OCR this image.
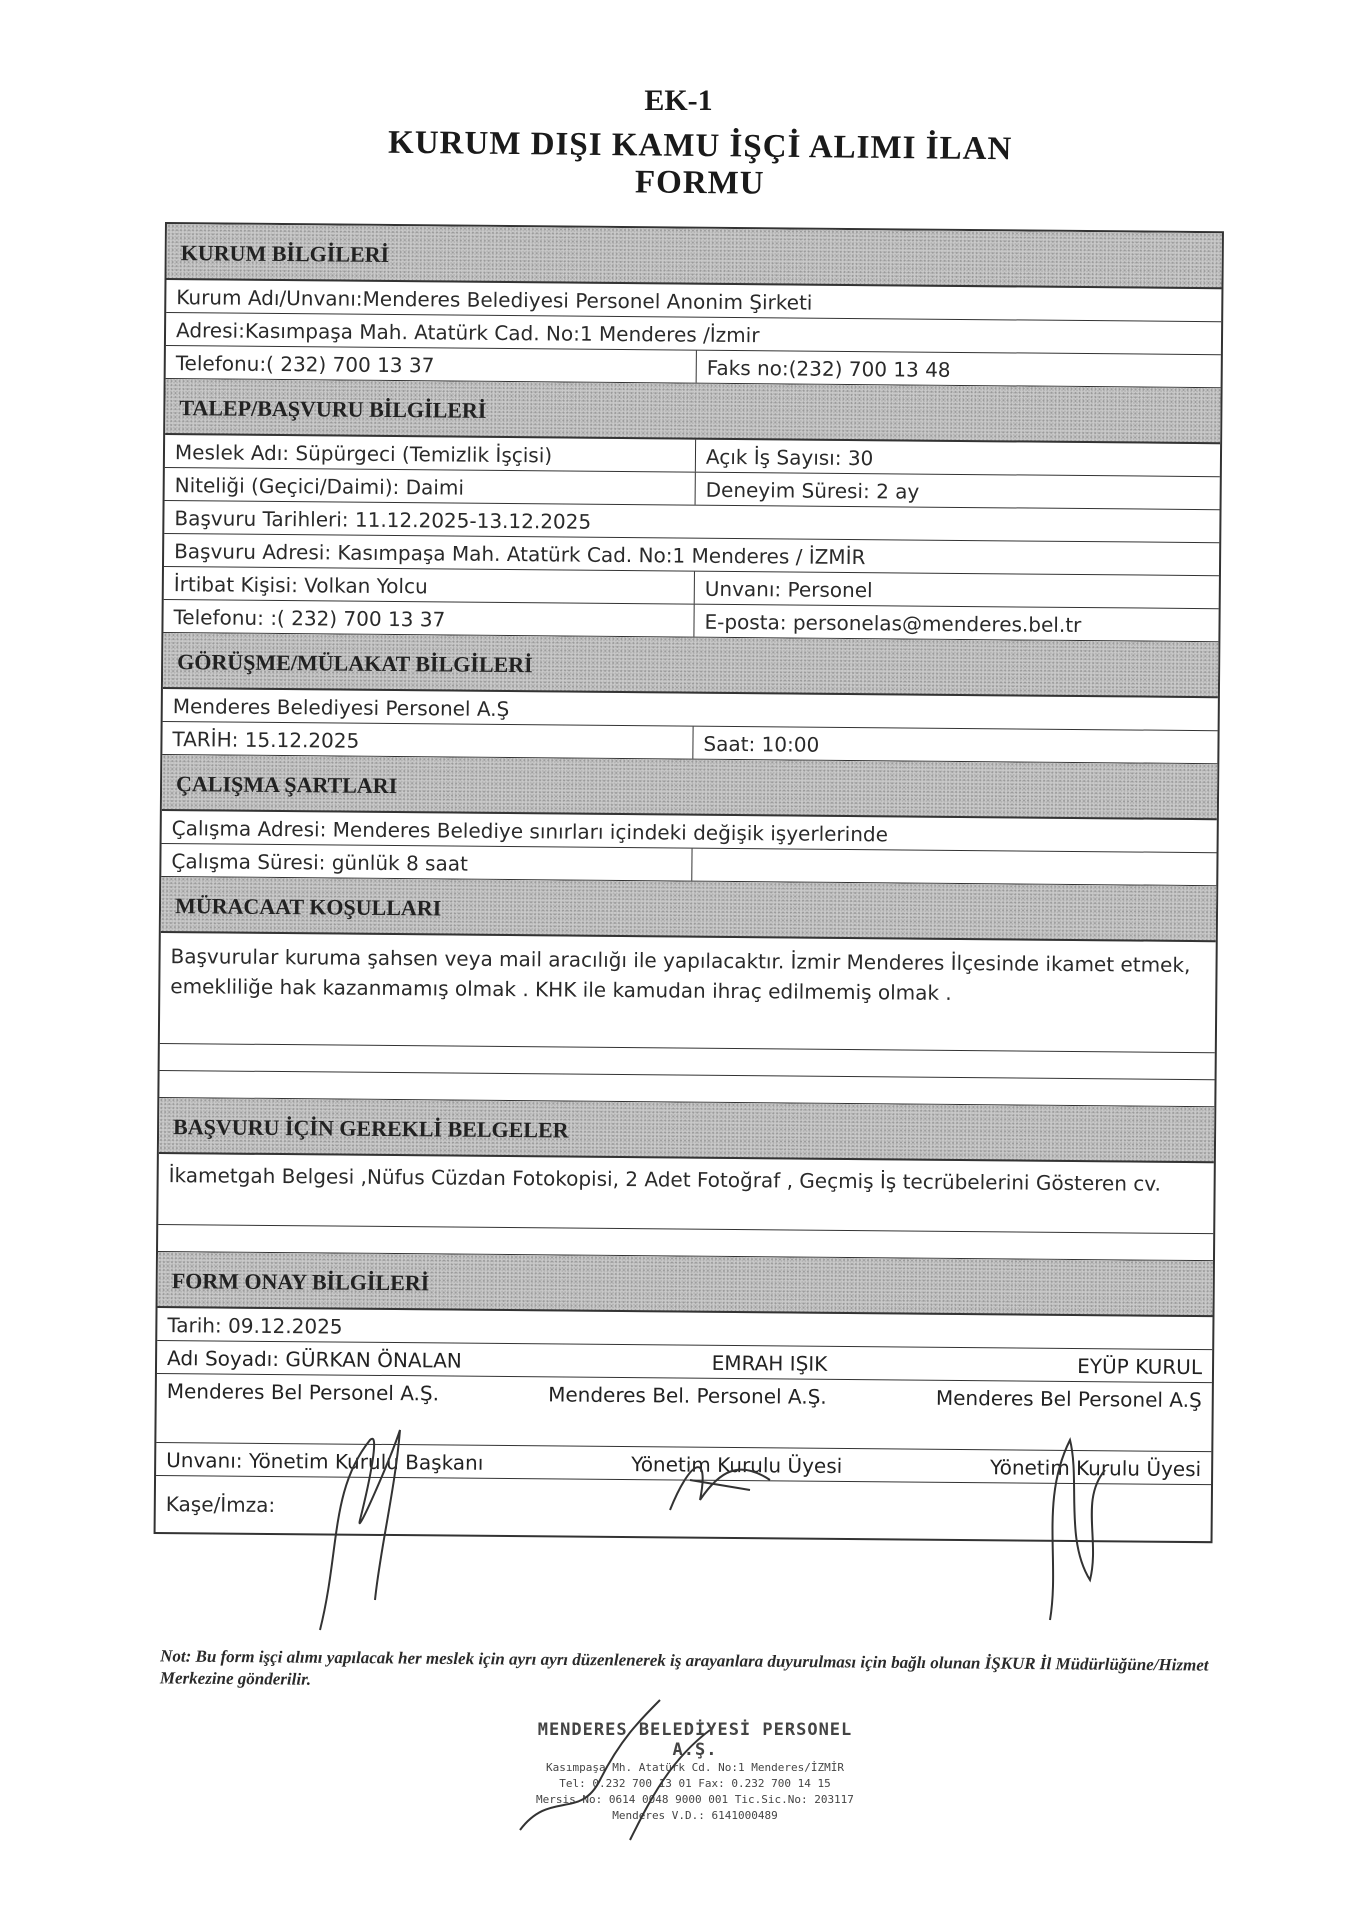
EK-1
KURUM DIŞI KAMU İŞÇİ ALIMI İLAN FORMU
KURUM BİLGİLERİ
Kurum Adı/Unvanı:Menderes Belediyesi Personel Anonim Şirketi
Adresi:Kasımpaşa Mah. Atatürk Cad. No:1 Menderes /İzmir
Telefonu:( 232) 700 13 37	Faks no:(232) 700 13 48
TALEP/BAŞVURU BİLGİLERİ
Meslek Adı: Süpürgeci (Temizlik İşçisi)	Açık İş Sayısı: 30
Niteliği (Geçici/Daimi): Daimi	Deneyim Süresi: 2 ay
Başvuru Tarihleri: 11.12.2025-13.12.2025
Başvuru Adresi: Kasımpaşa Mah. Atatürk Cad. No:1 Menderes / İZMİR
İrtibat Kişisi: Volkan Yolcu	Unvanı: Personel
Telefonu: :( 232) 700 13 37	E-posta: personelas@menderes.bel.tr
GÖRÜŞME/MÜLAKAT BİLGİLERİ
Menderes Belediyesi Personel A.Ş
TARİH: 15.12.2025	Saat: 10:00
ÇALIŞMA ŞARTLARI
Çalışma Adresi: Menderes Belediye sınırları içindeki değişik işyerlerinde
Çalışma Süresi: günlük 8 saat
MÜRACAAT KOŞULLARI
Başvurular kuruma şahsen veya mail aracılığı ile yapılacaktır. İzmir Menderes İlçesinde ikamet etmek, emekliliğe hak kazanmamış olmak . KHK ile kamudan ihraç edilmemiş olmak .
BAŞVURU İÇİN GEREKLİ BELGELER
İkametgah Belgesi ,Nüfus Cüzdan Fotokopisi, 2 Adet Fotoğraf , Geçmiş İş tecrübelerini Gösteren cv.
FORM ONAY BİLGİLERİ
Tarih: 09.12.2025
Adı Soyadı: GÜRKAN ÖNALAN	EMRAH IŞIK	EYÜP KURUL
Menderes Bel Personel A.Ş.	Menderes Bel. Personel A.Ş.	Menderes Bel Personel A.Ş
Unvanı: Yönetim Kurulu Başkanı	Yönetim Kurulu Üyesi	Yönetim Kurulu Üyesi
Kaşe/İmza:
Not: Bu form işçi alımı yapılacak her meslek için ayrı ayrı düzenlenerek iş arayanlara duyurulması için bağlı olunan İŞKUR İl Müdürlüğüne/Hizmet Merkezine gönderilir.
MENDERES BELEDİYESİ PERSONEL A.Ş.
Kasımpaşa Mh. Atatürk Cd. No:1 Menderes/İZMİR
Tel: 0.232 700 13 01 Fax: 0.232 700 14 15
Mersis No: 0614 0048 9000 001 Tic.Sic.No: 203117
Menderes V.D.: 6141000489
